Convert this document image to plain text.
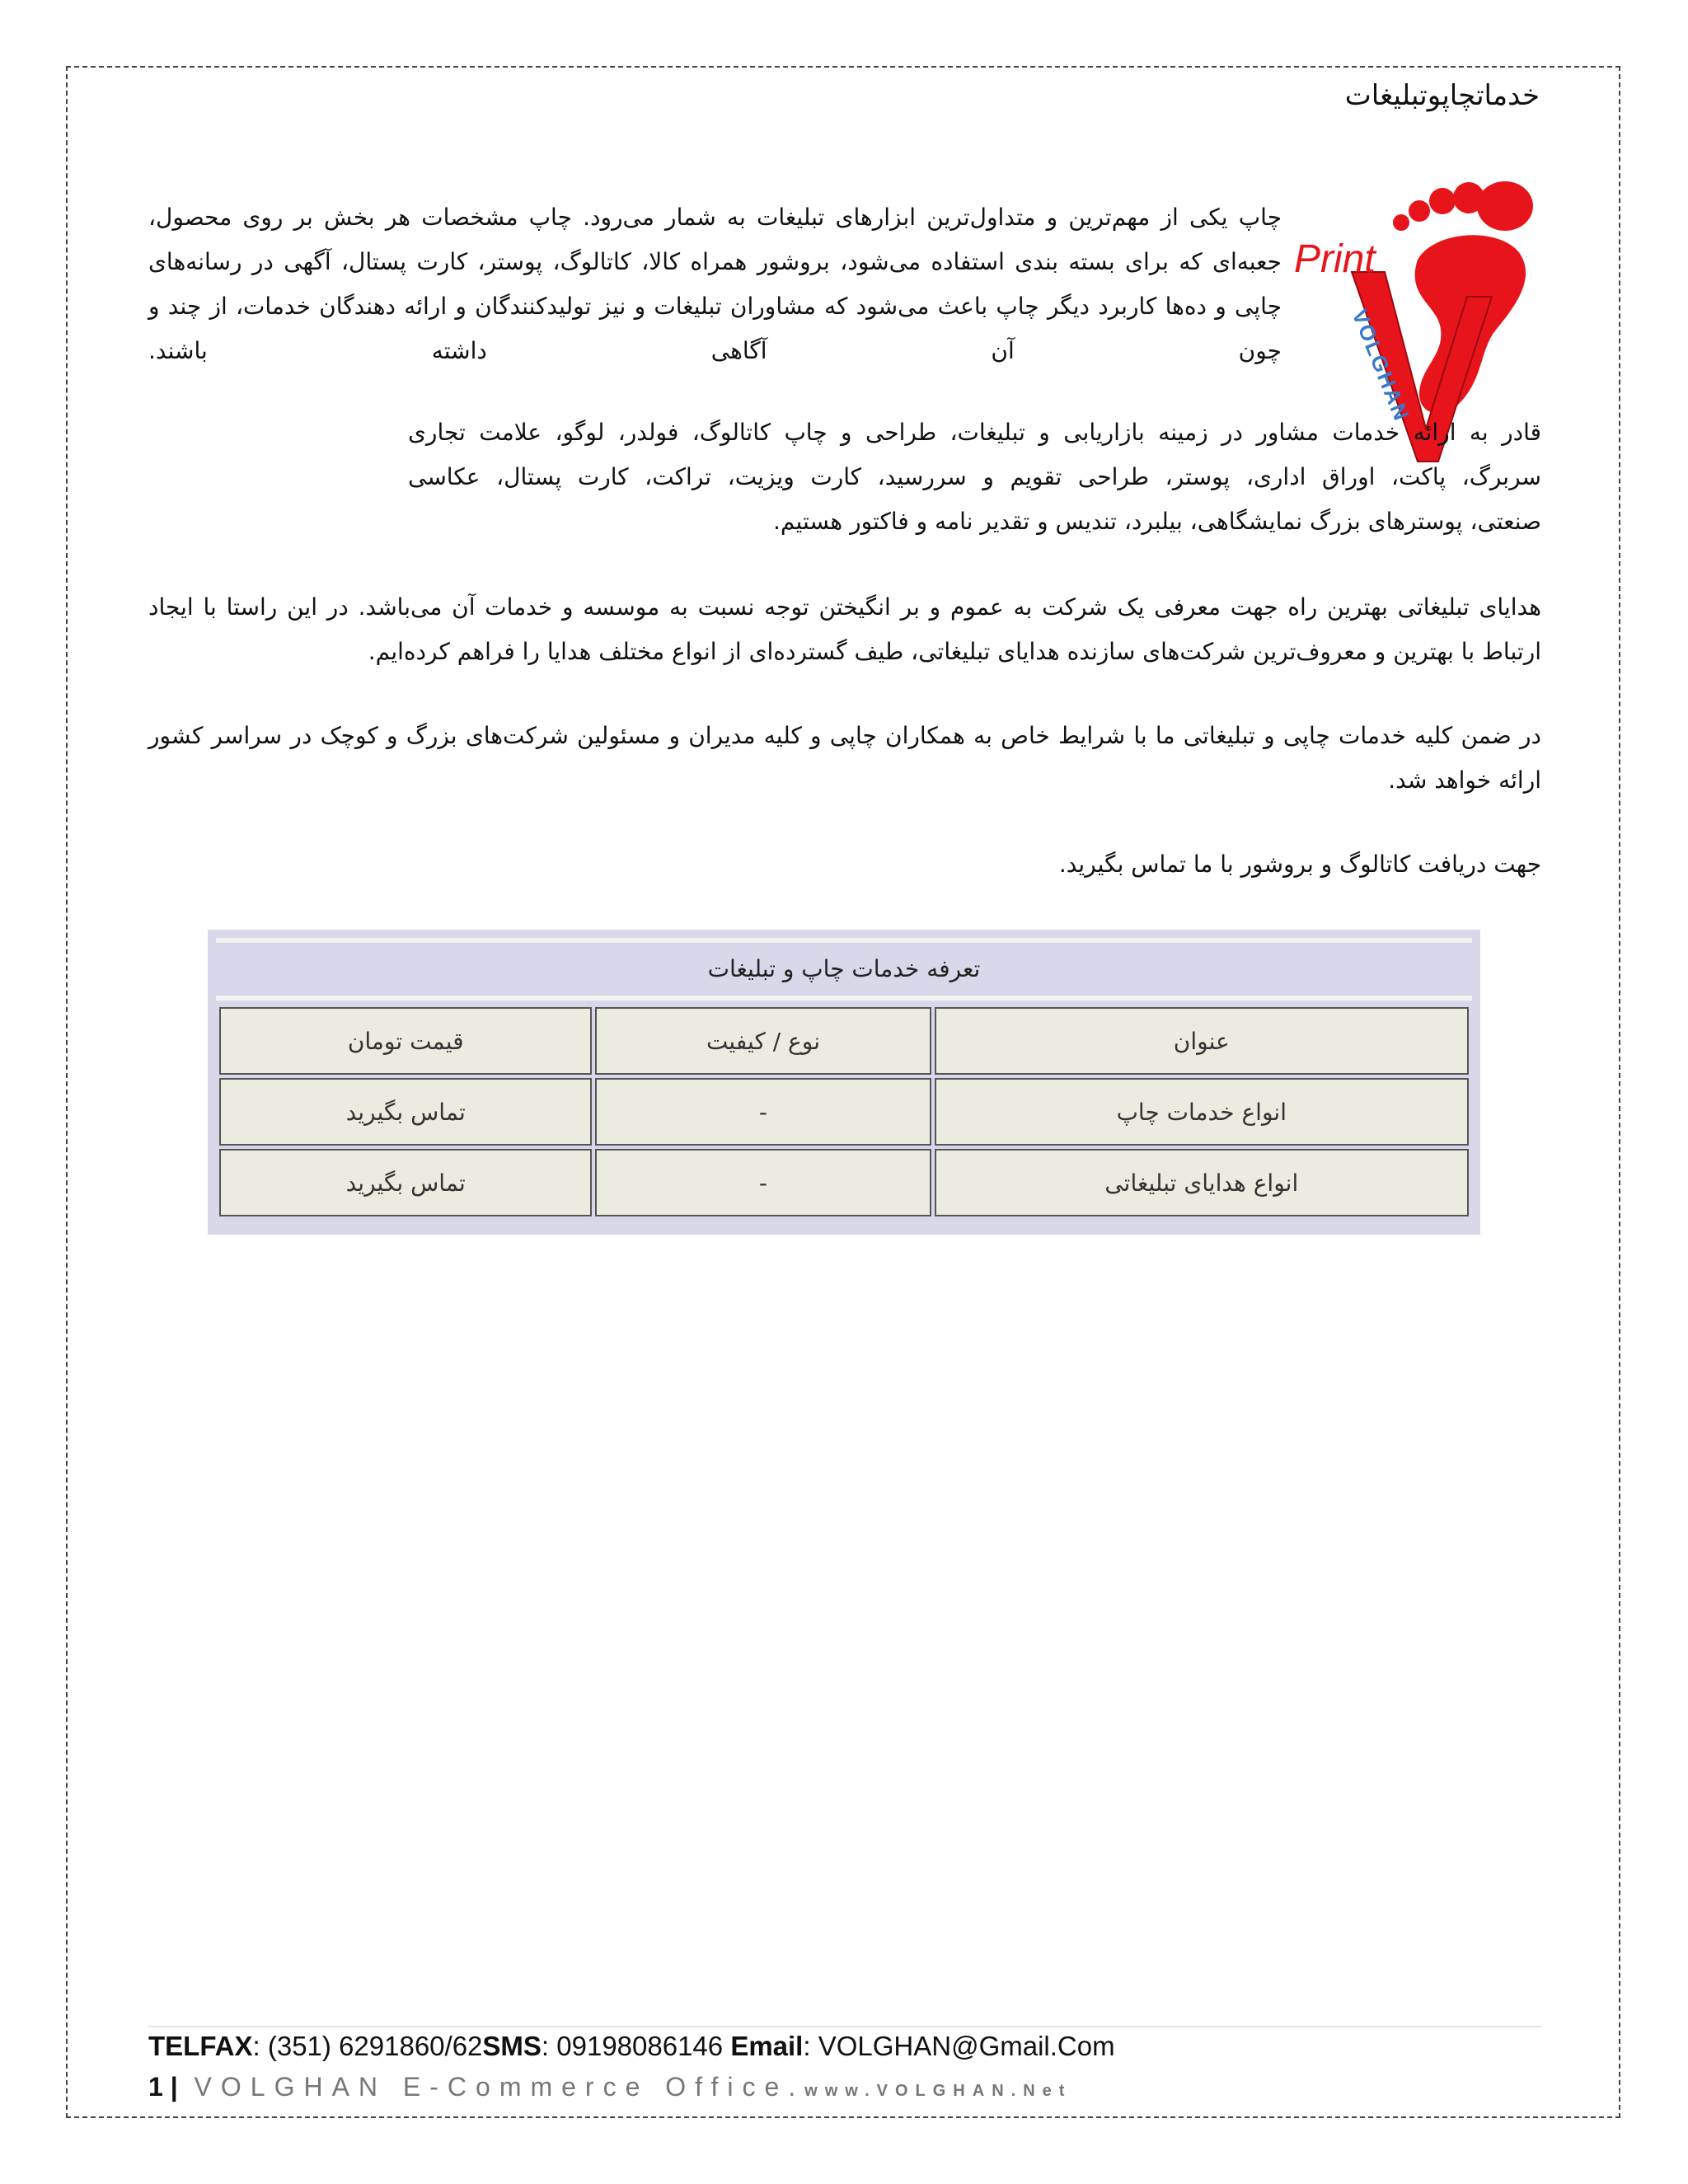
خدماتچاپوتبلیغات
Print
VOLGHAN
چاپ یکی از مهم‌ترین و متداول‌ترین ابزارهای تبلیغات به شمار می‌رود. چاپ مشخصات هر بخش بر روی محصول، جعبه‌ای که برای بسته بندی استفاده می‌شود، بروشور همراه کالا، کاتالوگ، پوستر، کارت پستال، آگهی در رسانه‌های چاپی و ده‌ها کاربرد دیگر چاپ باعث می‌شود که مشاوران تبلیغات و نیز تولیدکنندگان و ارائه دهندگان خدمات، از چند و چون آن آگاهی داشته باشند.
قادر به ارائه خدمات مشاور در زمینه بازاریابی و تبلیغات، طراحی و چاپ کاتالوگ، فولدر، لوگو، علامت تجاری
سربرگ، پاکت، اوراق اداری، پوستر، طراحی تقویم و سررسید، کارت ویزیت، تراکت، کارت پستال، عکاسی
صنعتی، پوسترهای بزرگ نمایشگاهی، بیلبرد، تندیس و تقدیر نامه و فاکتور هستیم.
هدایای تبلیغاتی بهترین راه جهت معرفی یک شرکت به عموم و بر انگیختن توجه نسبت به موسسه و خدمات آن می‌باشد. در این راستا با ایجاد ارتباط با بهترین و معروف‌ترین شرکت‌های سازنده هدایای تبلیغاتی، طیف گسترده‌ای از انواع مختلف هدایا را فراهم کرده‌ایم.
در ضمن کلیه خدمات چاپی و تبلیغاتی ما با شرایط خاص به همکاران چاپی و کلیه مدیران و مسئولین شرکت‌های بزرگ و کوچک در سراسر کشور ارائه خواهد شد.
جهت دریافت کاتالوگ و بروشور با ما تماس بگیرید.
تعرفه خدمات چاپ و تبلیغات
عنوان	نوع / کیفیت	قیمت تومان
انواع خدمات چاپ	-	تماس بگیرید
انواع هدایای تبلیغاتی	-	تماس بگیرید
TELFAX: (351) 6291860/62SMS: 09198086146 Email: VOLGHAN@Gmail.Com
1 | VOLGHAN E-Commerce Office.www.VOLGHAN.Net
